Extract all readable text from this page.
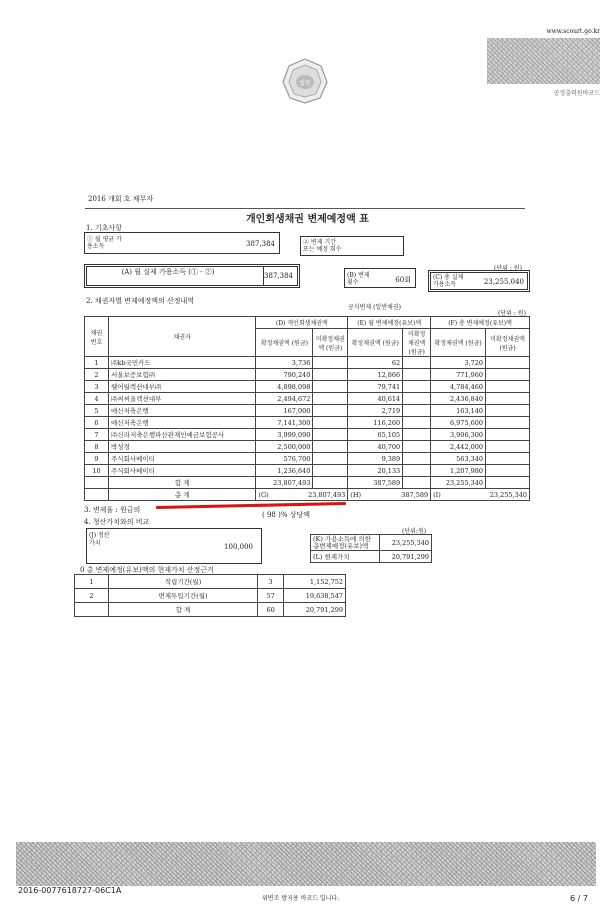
www.scourt.go.kr
공정출력원바코드
법원
2016 개회 호 채무자
개인회생채권 변제예정액 표
1. 기초사항
① 월 평균 가용소득	387,384	② 변제 기간 또는 예정 회수
(A) 월 실제 가용소득 (① - ②)	387,384	(B) 변제 횟수	60회
(단위 : 원)
(C) 총 실제 가용소득	23,255,040
2. 채권자별 변제예정액의 산정내역
공식변제 (일반채권)
(단위 : 원)
채권 번호	채권자	(D) 개인회생채권액		(E) 월 변제예정(유보)액		(F) 총 변제예정(유보)액	
		확정채권액 (원금)	미확정채권액 (원금)	확정채권액 (원금)	미확정채권액 (원금)	확정채권액 (원금)	미확정채권액 (원금)
1	㈜kb국민카드	3,736		62		3,720	
2	서울보증보험㈜	790,240		12,866		771,960	
3	웰어월렉션대부㈜	4,898,098		79,741		4,784,460	
4	㈜씨씨올렉션대부	2,494,672		40,614		2,436,840	
5	애신저축은행	167,000		2,719		163,140	
6	애신저축은행	7,141,300		116,260		6,975,600	
7	㈜신라저축은행파산관재인예금보험공사	3,999,090		65,105		3,906,300	
8	박성경	2,500,000		40,700		2,442,000	
9	주식회사베이티	576,700		9,389		563,340	
10	주식회사베이티	1,236,640		20,133		1,207,980	
	합 계	23,807,493		387,589		23,255,340	
	총 계	(G) 23,807,493		(H) 387,589		(I) 23,255,340	
3. 변제율 : 원금의
( 98 )% 상당액
4. 청산가치와의 비교
(J) 청산가치	100,000
(단위:원)
(K) 가용소득에 의한 총변제예정(유보)액	23,255,340
(L) 현재가치	20,791,299
0 총 변제예정(유보)액의 현재가치 산정근거
1	적립기간(월)	3	1,152,752
2	변제투입기간(월)	57	19,638,547
	합 계	60	20,791,299
2016-0077618727-06C1A
위변조 방지용 바코드 입니다.	6 / 7
